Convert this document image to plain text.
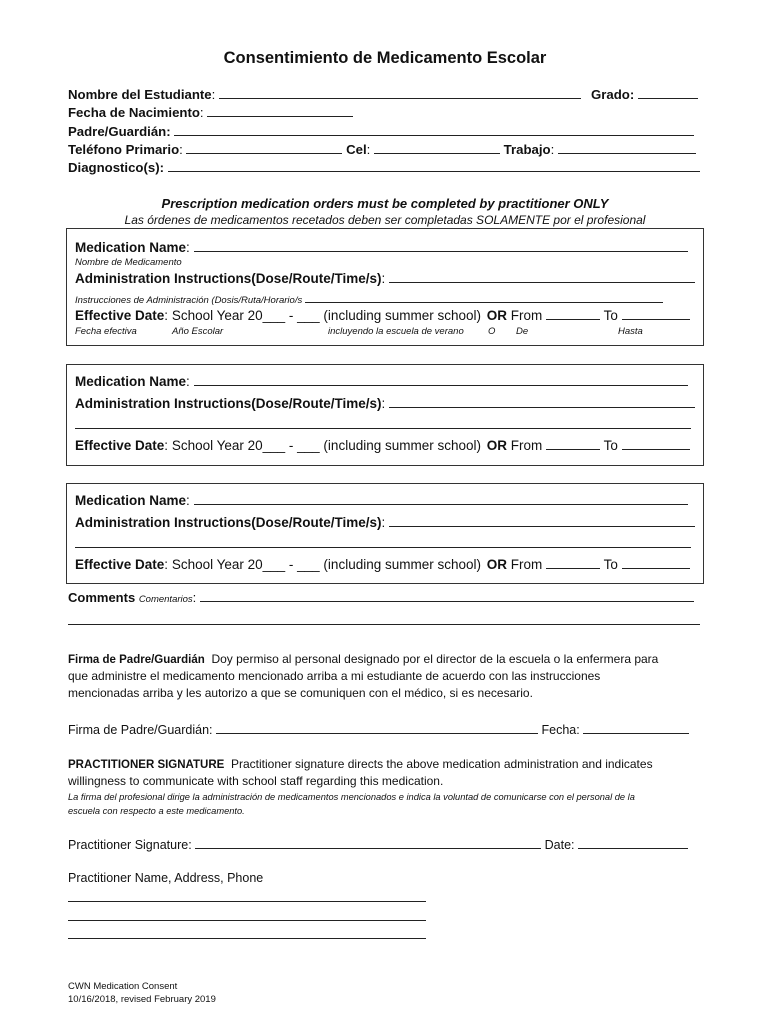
Consentimiento de Medicamento Escolar
Nombre del Estudiante:	Grado:
Fecha de Nacimiento:
Padre/Guardián:
Teléfono Primario:	Cel:	Trabajo:
Diagnostico(s):
Prescription medication orders must be completed by practitioner ONLY
Las órdenes de medicamentos recetados deben ser completadas SOLAMENTE por el profesional
Medication Name:
Nombre de Medicamento
Administration Instructions(Dose/Route/Time/s):
Instrucciones de Administración (Dosis/Ruta/Horario/s
Effective Date: School Year 20___ - ___ (including summer school) OR From	To
Fecha efectiva	Año Escolar	incluyendo la escuela de verano	O De	Hasta
Medication Name:
Administration Instructions(Dose/Route/Time/s):
Effective Date: School Year 20___ - ___ (including summer school) OR From	To
Medication Name:
Administration Instructions(Dose/Route/Time/s):
Effective Date: School Year 20___ - ___ (including summer school) OR From	To
Comments Comentarios:
Firma de Padre/Guardián Doy permiso al personal designado por el director de la escuela o la enfermera para
que administre el medicamento mencionado arriba a mi estudiante de acuerdo con las instrucciones
mencionadas arriba y les autorizo a que se comuniquen con el médico, si es necesario.
Firma de Padre/Guardián:	Fecha:
PRACTITIONER SIGNATURE Practitioner signature directs the above medication administration and indicates
willingness to communicate with school staff regarding this medication.
La firma del profesional dirige la administración de medicamentos mencionados e indica la voluntad de comunicarse con el personal de la
escuela con respecto a este medicamento.
Practitioner Signature:	Date:
Practitioner Name, Address, Phone
CWN Medication Consent
10/16/2018, revised February 2019
